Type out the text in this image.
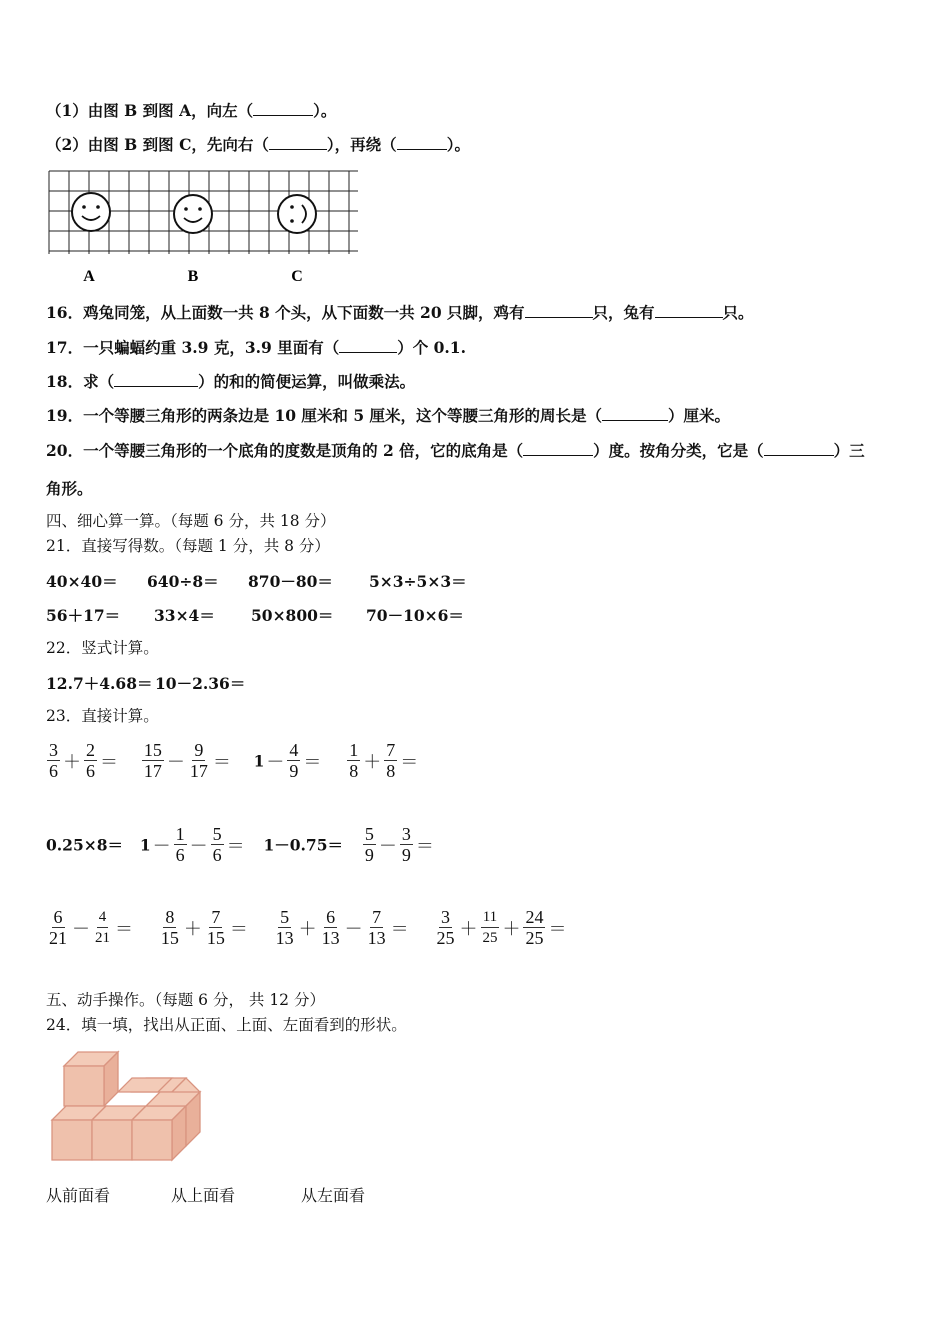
（1）由图 B 到图 A，向左（	）。
（2）由图 B 到图 C，先向右（	），再绕（	）。
A	B	C
16．鸡兔同笼，从上面数一共 8 个头，从下面数一共 20 只脚，鸡有	只，兔有	只。
17．一只蝙蝠约重 3.9 克，3.9 里面有（	）个 0.1.
18．求（	）的和的简便运算，叫做乘法。
19．一个等腰三角形的两条边是 10 厘米和 5 厘米，这个等腰三角形的周长是（	）厘米。
20．一个等腰三角形的一个底角的度数是顶角的 2 倍，它的底角是（	）度。按角分类，它是（	）三
角形。
四、细心算一算。（每题 6 分，共 18 分）
21．直接写得数。（每题 1 分，共 8 分）
40×40＝ 640÷8＝ 870－80＝ 5×3÷5×3＝
56＋17＝ 33×4＝ 50×800＝ 70－10×6＝
22．竖式计算。
12.7＋4.68＝ 10－2.36＝
23．直接计算。
$\frac{3}{6} + \frac{2}{6} = \frac{15}{17} - \frac{9}{17} = 1 - \frac{4}{9} = \frac{1}{8} + \frac{7}{8}$ ＝
$0.25\times 8= 1 - \frac{1}{6} - \frac{5}{6} = 1-0.75= \frac{5}{9} - \frac{3}{9}$ ＝
$\frac{6}{21} - \frac{4}{21} = \frac{8}{15} + \frac{7}{15} = \frac{5}{13} + \frac{6}{13} - \frac{7}{13} = \frac{3}{25} + \frac{11}{25} + \frac{24}{25}$ ＝
五、动手操作。（每题 6 分， 共 12 分）
24．填一填，找出从正面、上面、左面看到的形状。
从前面看	从上面看	从左面看
